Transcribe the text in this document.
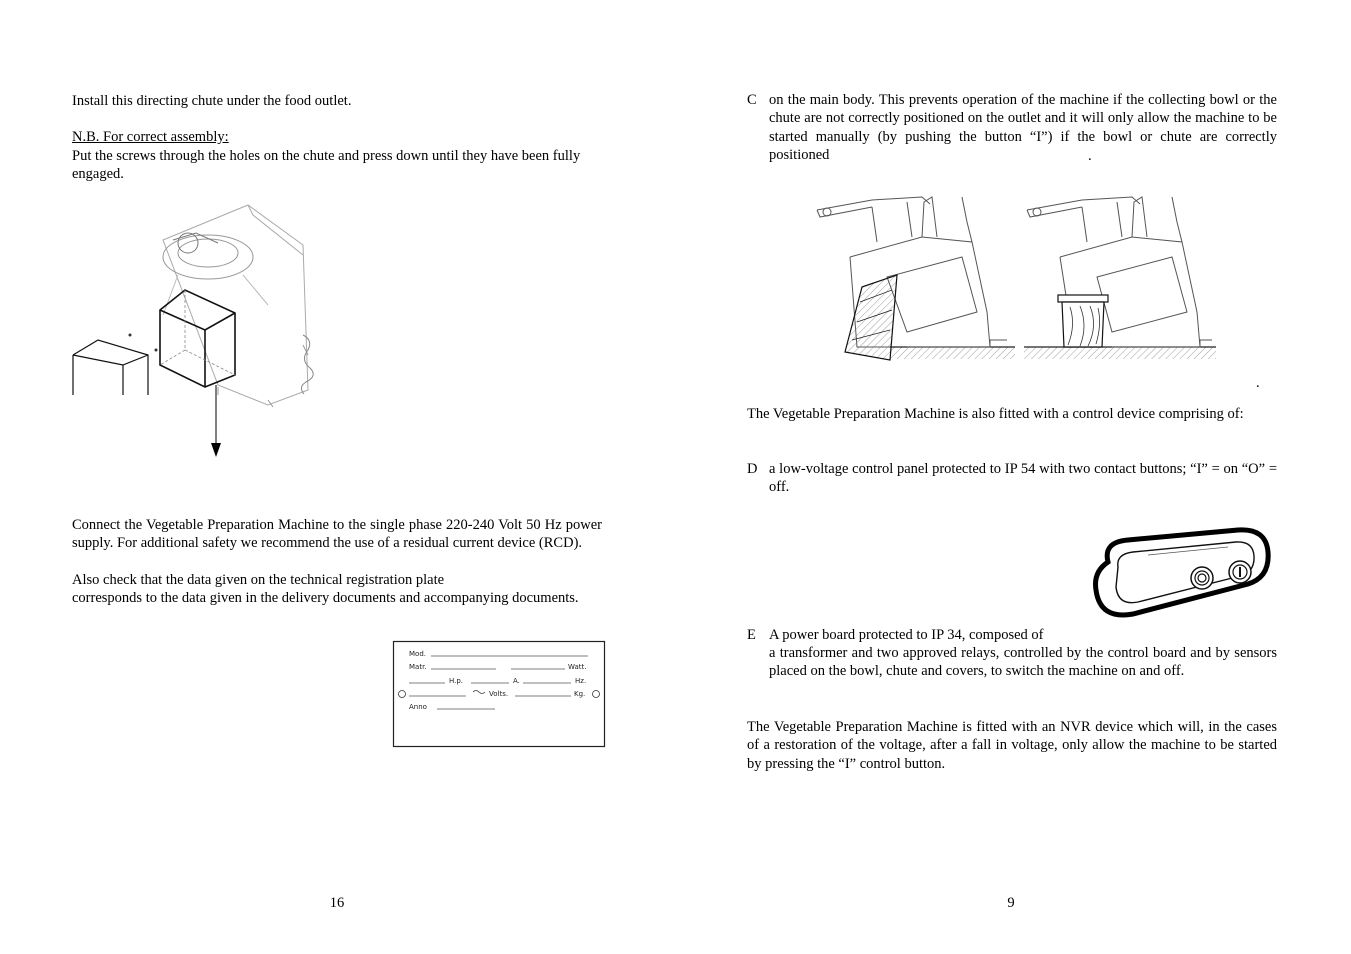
Install this directing chute under the food outlet.

N.B. For correct assembly:

Put the screws through the holes on the chute and press down until they have been fully engaged.

Connect the Vegetable Preparation Machine to the single phase 220-240 Volt 50 Hz power supply. For additional safety we recommend the use of a residual current device (RCD).

Also check that the data given on the technical registration plate

corresponds to the data given in the delivery documents and accompanying documents.

Mod.
Matr.	Watt.
H.p.	A.	Hz.
Volts.	Kg.
Anno
16
C on the main body. This prevents operation of the machine if the collecting bowl or the chute are not correctly positioned on the outlet and it will only allow the machine to be started manually (by pushing the button “I”) if the bowl or chute are correctly positioned	.
.

The Vegetable Preparation Machine is also fitted with a control device comprising of:

D a low-voltage control panel protected to IP 54 with two contact buttons; “I” = on “O” = off.
E A power board protected to IP 34, composed of

a transformer and two approved relays, controlled by the control board and by sensors placed on the bowl, chute and covers, to switch the machine on and off.

The Vegetable Preparation Machine is fitted with an NVR device which will, in the cases of a restoration of the voltage, after a fall in voltage, only allow the machine to be started by pressing the “I” control button.

9
